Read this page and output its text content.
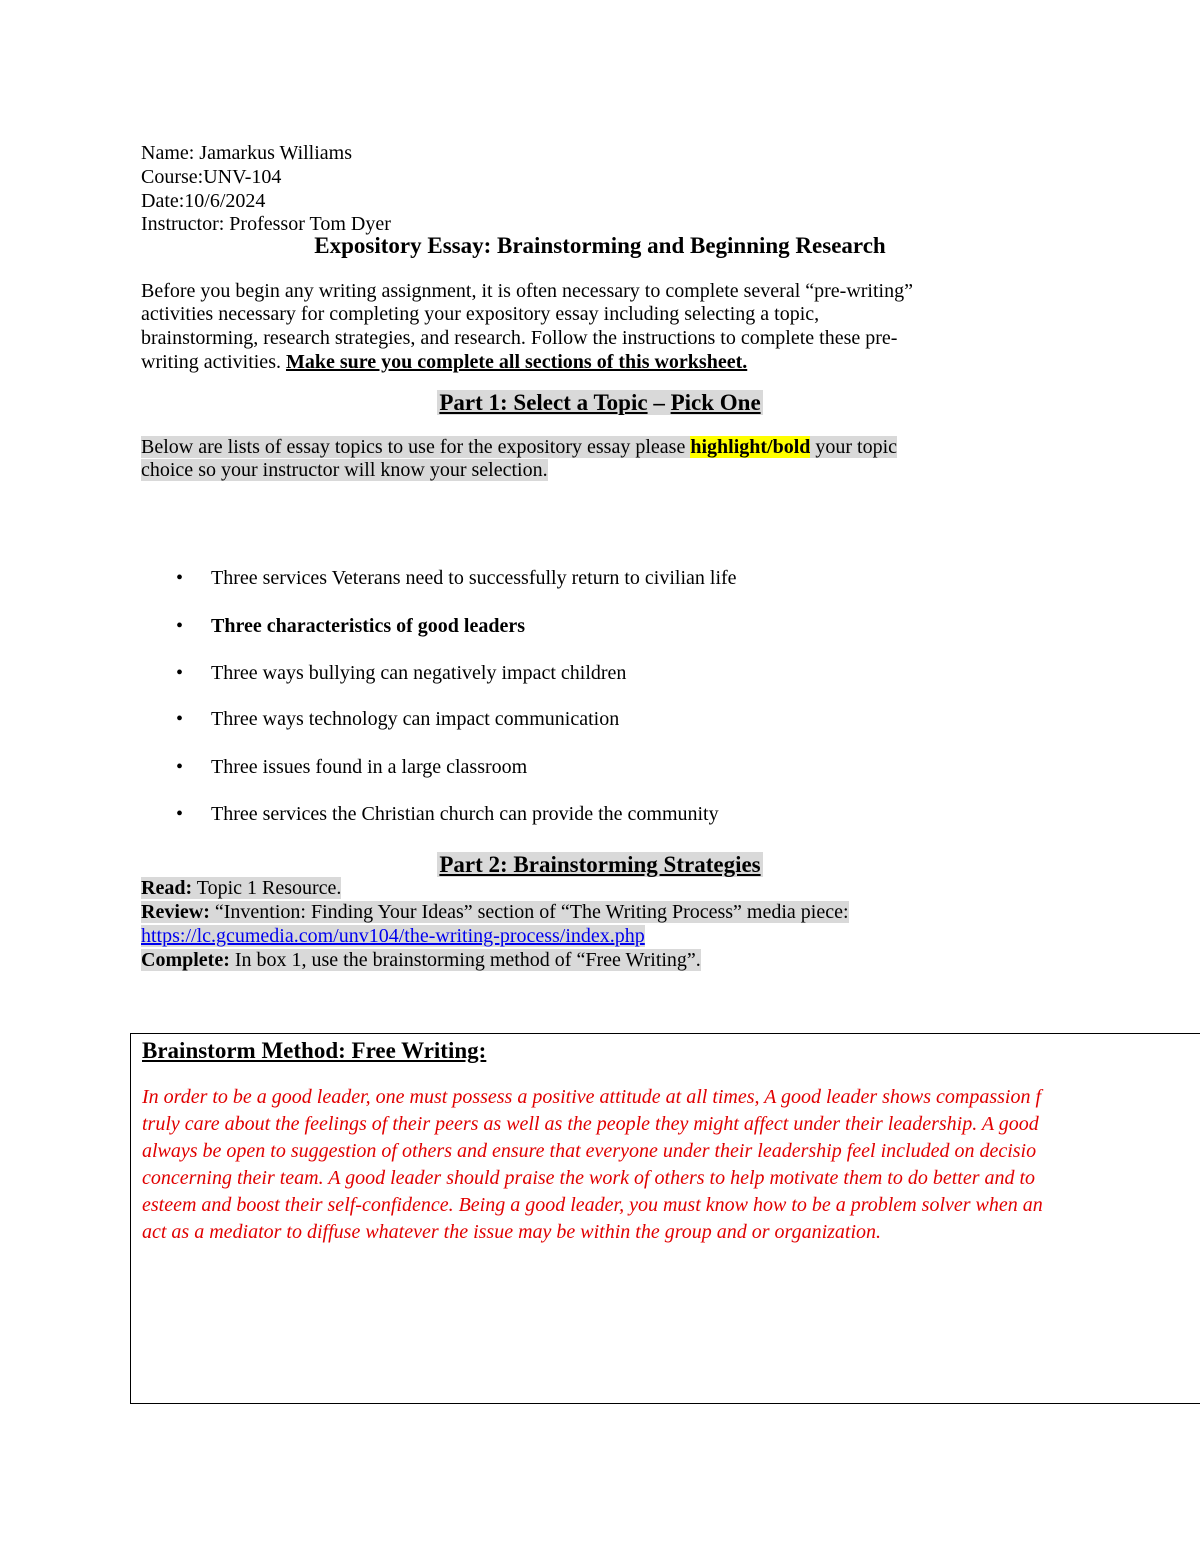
Name: Jamarkus Williams
Course:UNV-104
Date:10/6/2024
Instructor: Professor Tom Dyer
Expository Essay: Brainstorming and Beginning Research
Before you begin any writing assignment, it is often necessary to complete several “pre-writing”
activities necessary for completing your expository essay including selecting a topic,
brainstorming, research strategies, and research. Follow the instructions to complete these pre-
writing activities. Make sure you complete all sections of this worksheet.
Part 1: Select a Topic – Pick One
Below are lists of essay topics to use for the expository essay please highlight/bold your topic
choice so your instructor will know your selection.
• Three services Veterans need to successfully return to civilian life
• Three characteristics of good leaders
• Three ways bullying can negatively impact children
• Three ways technology can impact communication
• Three issues found in a large classroom
• Three services the Christian church can provide the community
Part 2: Brainstorming Strategies
Read: Topic 1 Resource.
Review: “Invention: Finding Your Ideas” section of “The Writing Process” media piece:
https://lc.gcumedia.com/unv104/the-writing-process/index.php
Complete: In box 1, use the brainstorming method of “Free Writing”.
Brainstorm Method: Free Writing:
In order to be a good leader, one must possess a positive attitude at all times, A good leader shows compassion f
truly care about the feelings of their peers as well as the people they might affect under their leadership. A good
always be open to suggestion of others and ensure that everyone under their leadership feel included on decisio
concerning their team. A good leader should praise the work of others to help motivate them to do better and to
esteem and boost their self-confidence. Being a good leader, you must know how to be a problem solver when an
act as a mediator to diffuse whatever the issue may be within the group and or organization.
